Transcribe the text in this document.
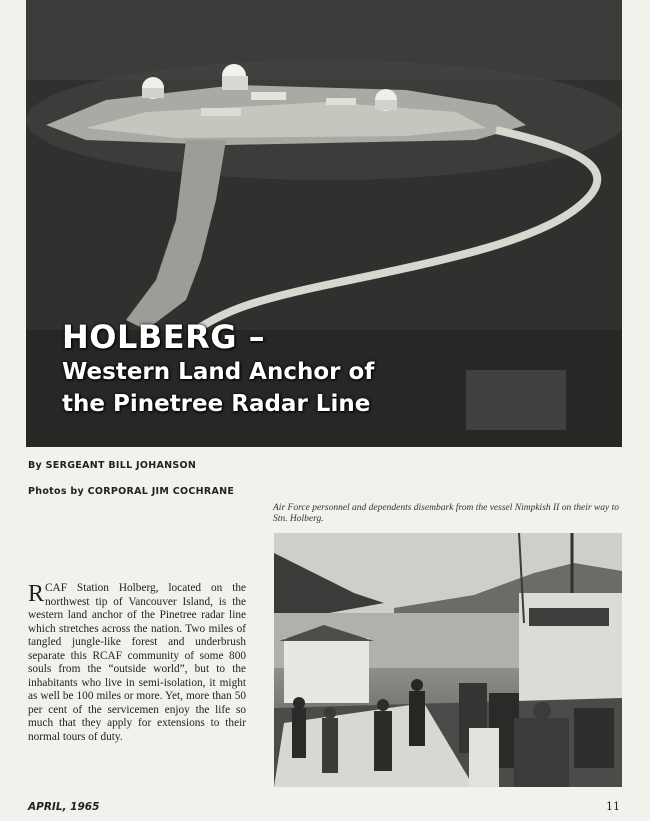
HOLBERG –
Western Land Anchor of
the Pinetree Radar Line
By SERGEANT BILL JOHANSON
Photos by CORPORAL JIM COCHRANE
Air Force personnel and dependents disembark from the vessel Nimpkish II on their way to Stn. Holberg.

RCAF Station Holberg, located on the northwest tip of Vancouver Island, is the western land anchor of the Pinetree radar line which stretches across the nation. Two miles of tangled jungle-like forest and underbrush separate this RCAF community of some 800 souls from the “outside world”, but to the inhabitants who live in semi-isolation, it might as well be 100 miles or more. Yet, more than 50 per cent of the servicemen enjoy the life so much that they apply for extensions to their normal tours of duty.

APRIL, 1965	11
